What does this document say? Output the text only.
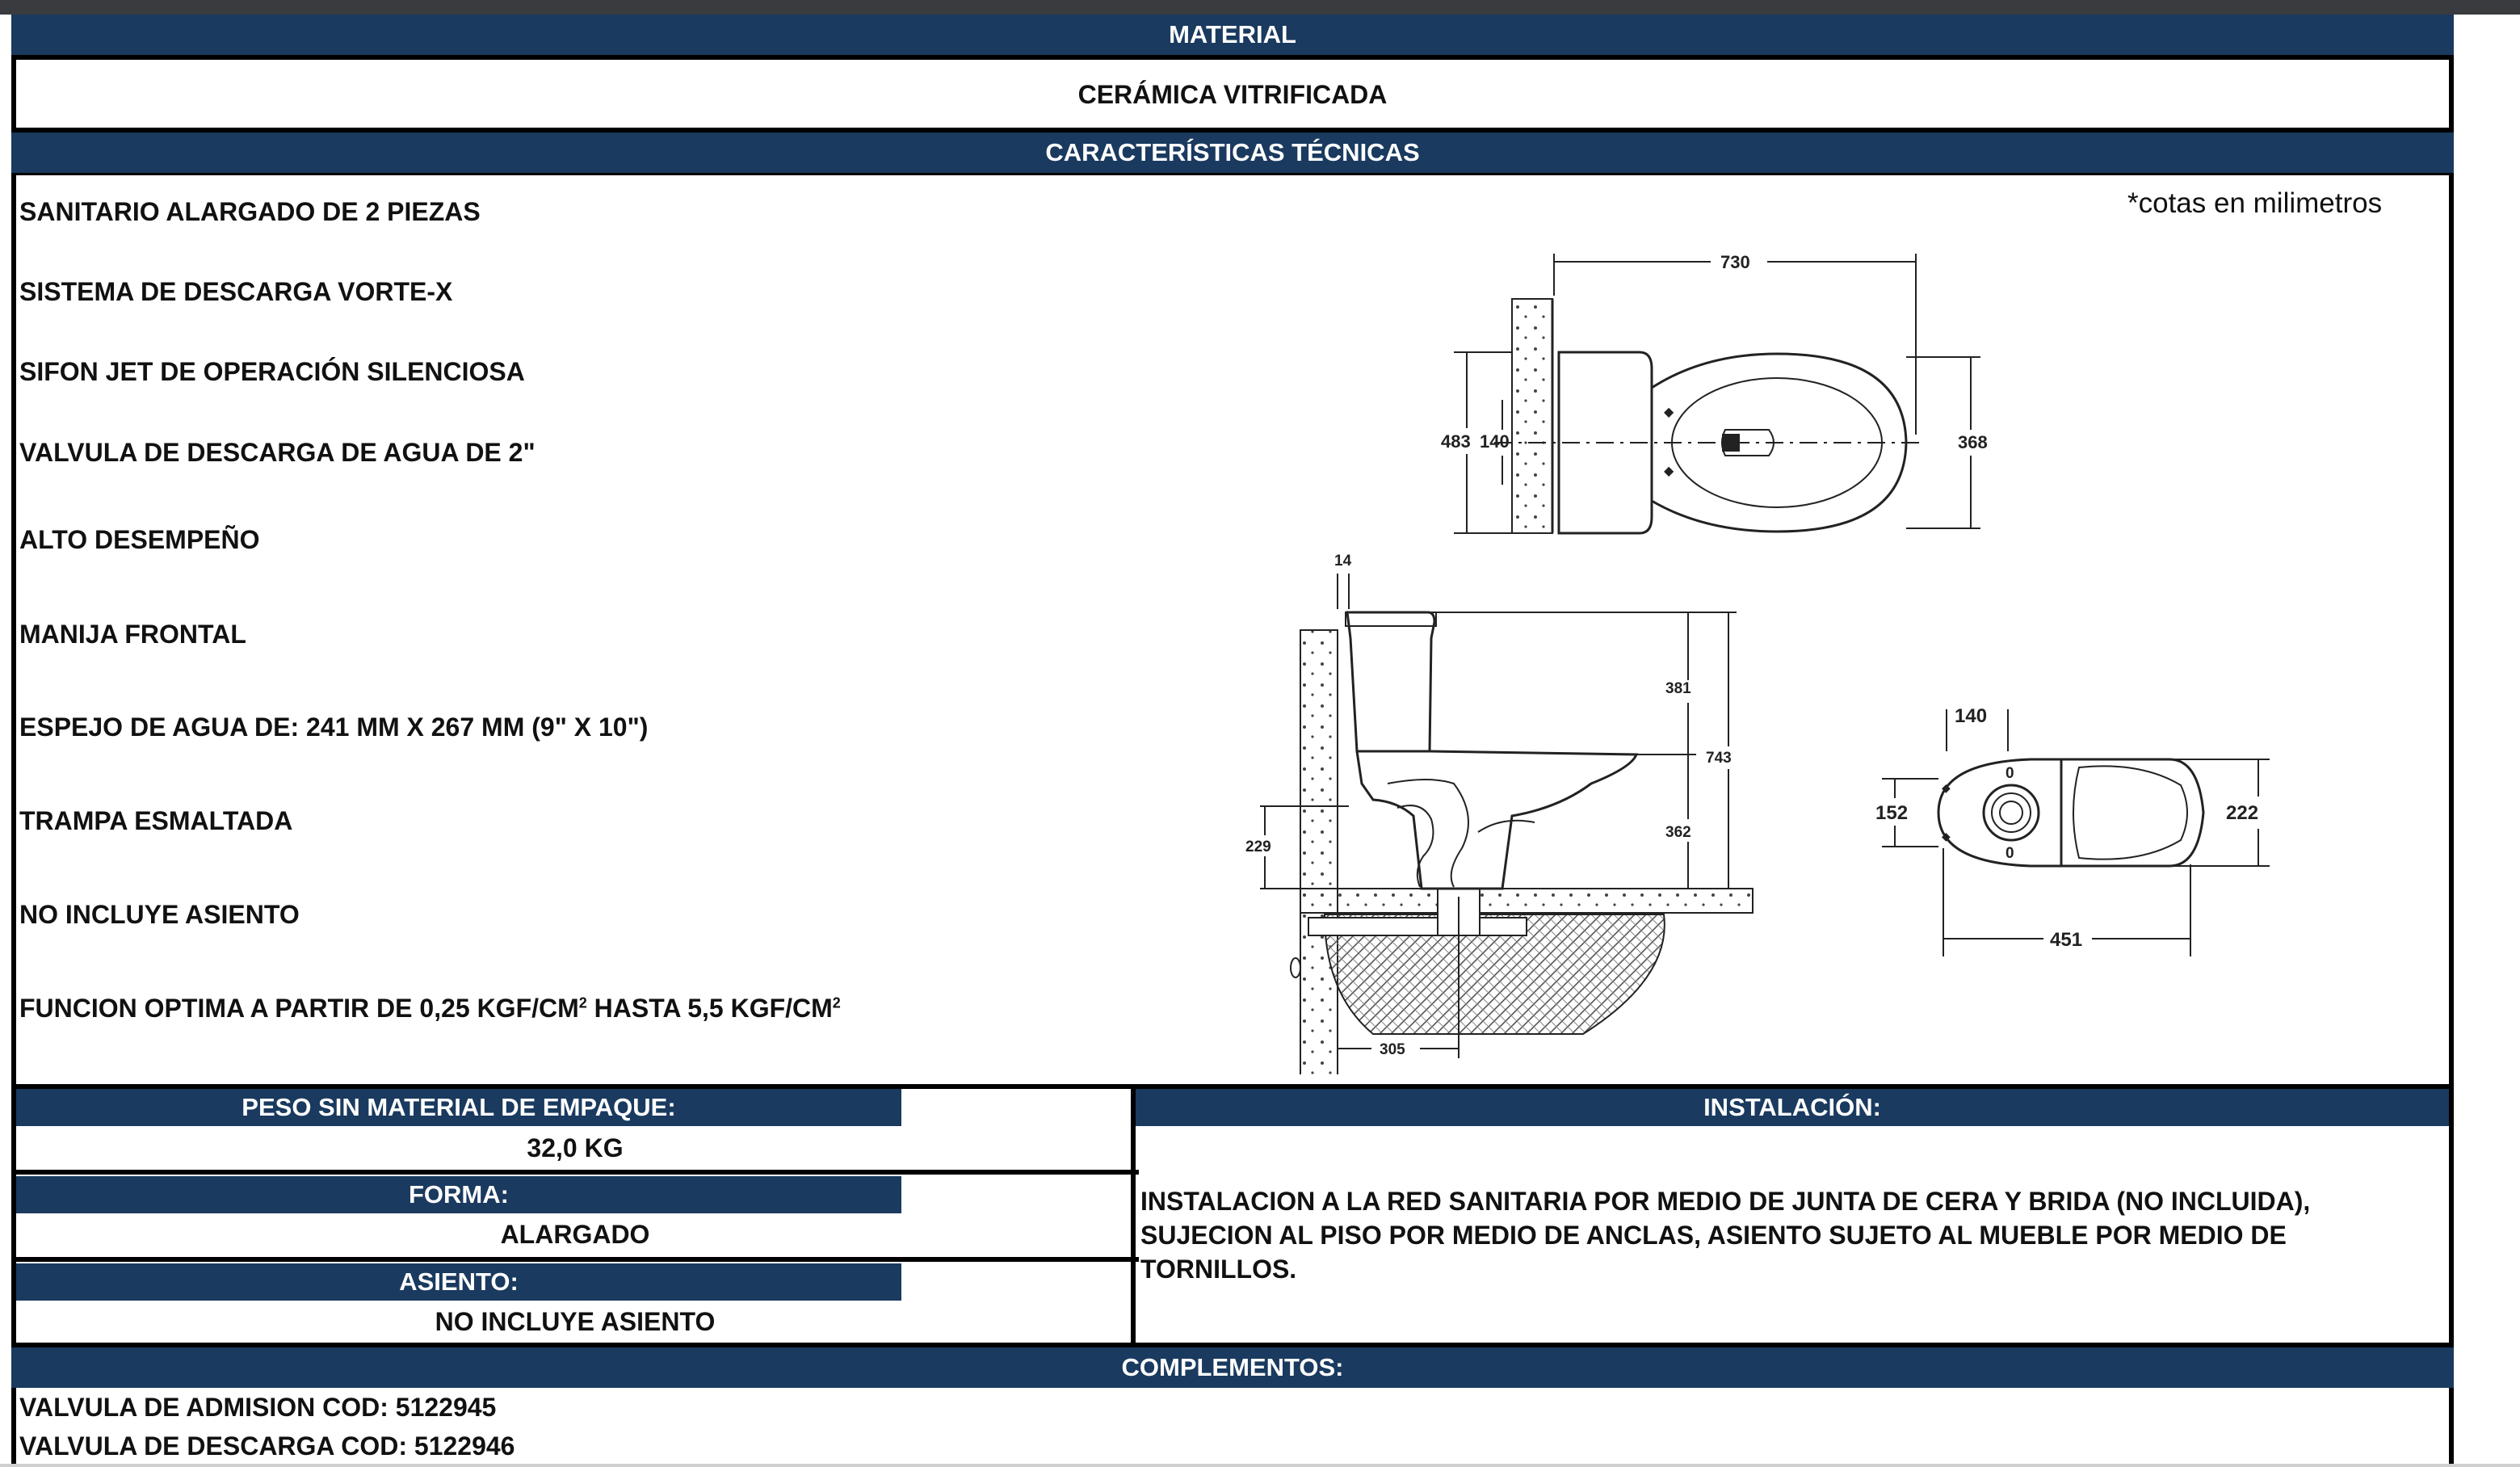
MATERIAL
CERÁMICA VITRIFICADA
CARACTERÍSTICAS TÉCNICAS
*cotas en milimetros
SANITARIO ALARGADO DE 2 PIEZAS
SISTEMA DE DESCARGA VORTE-X
SIFON JET DE OPERACIÓN SILENCIOSA
VALVULA DE DESCARGA DE AGUA DE 2"
ALTO DESEMPEÑO
MANIJA FRONTAL
ESPEJO DE AGUA DE: 241 MM X 267 MM (9" X 10")
TRAMPA ESMALTADA
NO INCLUYE ASIENTO
FUNCION OPTIMA A PARTIR DE 0,25 KGF/$CM^2$ HASTA 5,5 KGF/$CM^2$
◆
◆
730
483 140	368
14
381
362
743
229
305
0
0
◆
◆
140
152	222
451
PESO SIN MATERIAL DE EMPAQUE:
32,0 KG
FORMA:
ALARGADO
ASIENTO:
NO INCLUYE ASIENTO
INSTALACIÓN:
INSTALACION A LA RED SANITARIA POR MEDIO DE JUNTA DE CERA Y BRIDA (NO INCLUIDA),
SUJECION AL PISO POR MEDIO DE ANCLAS, ASIENTO SUJETO AL MUEBLE POR MEDIO DE
TORNILLOS.
COMPLEMENTOS:
VALVULA DE ADMISION COD: 5122945
VALVULA DE DESCARGA COD: 5122946
